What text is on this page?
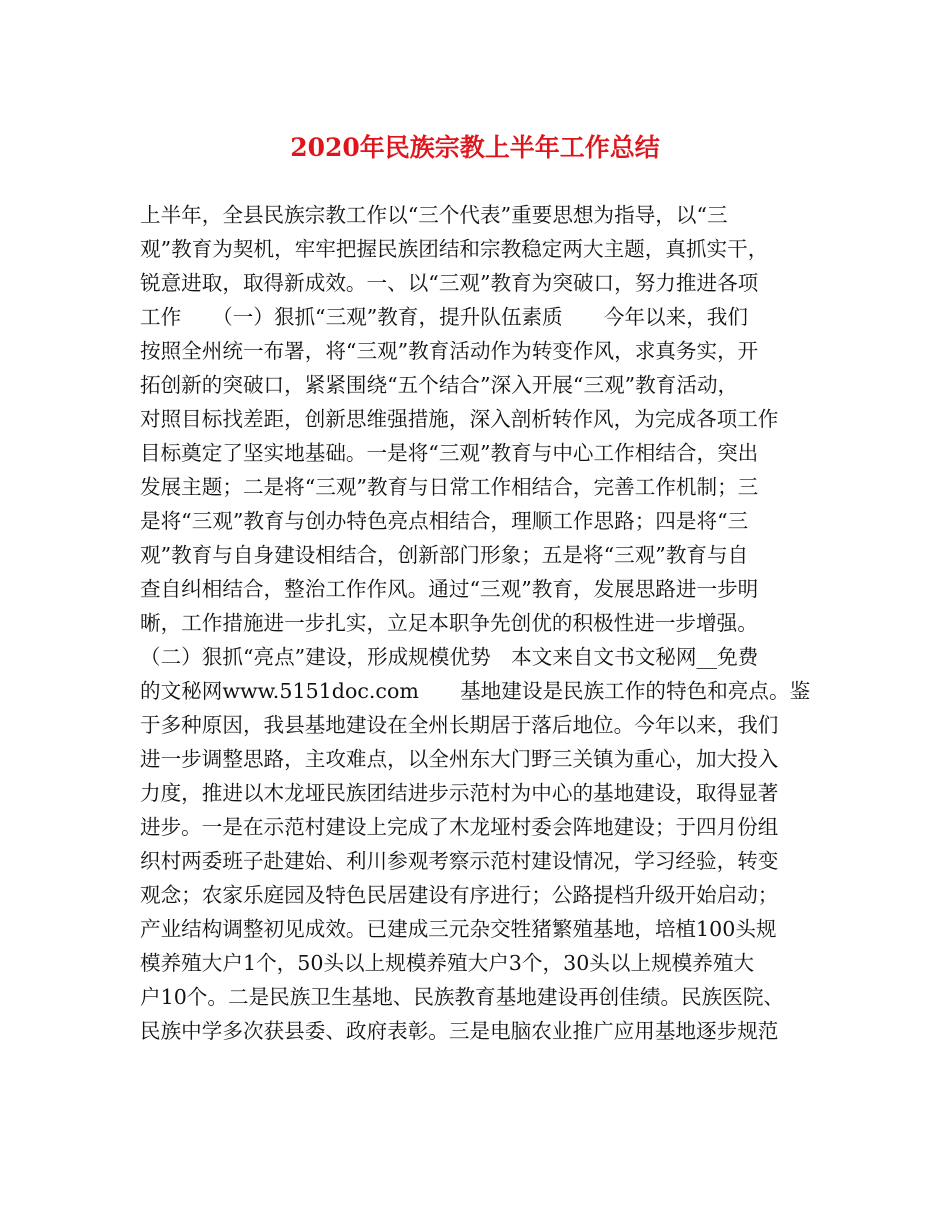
2020年民族宗教上半年工作总结
上半年，全县民族宗教工作以“三个代表”重要思想为指导，以“三
观”教育为契机，牢牢把握民族团结和宗教稳定两大主题，真抓实干，
锐意进取，取得新成效。一、以“三观”教育为突破口，努力推进各项
工作　　（一）狠抓“三观”教育，提升队伍素质　　今年以来，我们
按照全州统一布署，将“三观”教育活动作为转变作风，求真务实，开
拓创新的突破口，紧紧围绕“五个结合”深入开展“三观”教育活动，
对照目标找差距，创新思维强措施，深入剖析转作风，为完成各项工作
目标奠定了坚实地基础。一是将“三观”教育与中心工作相结合，突出
发展主题；二是将“三观”教育与日常工作相结合，完善工作机制；三
是将“三观”教育与创办特色亮点相结合，理顺工作思路；四是将“三
观”教育与自身建设相结合，创新部门形象；五是将“三观”教育与自
查自纠相结合，整治工作作风。通过“三观”教育，发展思路进一步明
晰，工作措施进一步扎实，立足本职争先创优的积极性进一步增强。
（二）狠抓“亮点”建设，形成规模优势　本文来自文书文秘网__免费
的文秘网www.5151doc.com　　基地建设是民族工作的特色和亮点。鉴
于多种原因，我县基地建设在全州长期居于落后地位。今年以来，我们
进一步调整思路，主攻难点，以全州东大门野三关镇为重心，加大投入
力度，推进以木龙垭民族团结进步示范村为中心的基地建设，取得显著
进步。一是在示范村建设上完成了木龙垭村委会阵地建设；于四月份组
织村两委班子赴建始、利川参观考察示范村建设情况，学习经验，转变
观念；农家乐庭园及特色民居建设有序进行；公路提档升级开始启动；
产业结构调整初见成效。已建成三元杂交牲猪繁殖基地，培植100头规
模养殖大户1个，50头以上规模养殖大户3个，30头以上规模养殖大
户10个。二是民族卫生基地、民族教育基地建设再创佳绩。民族医院、
民族中学多次获县委、政府表彰。三是电脑农业推广应用基地逐步规范
